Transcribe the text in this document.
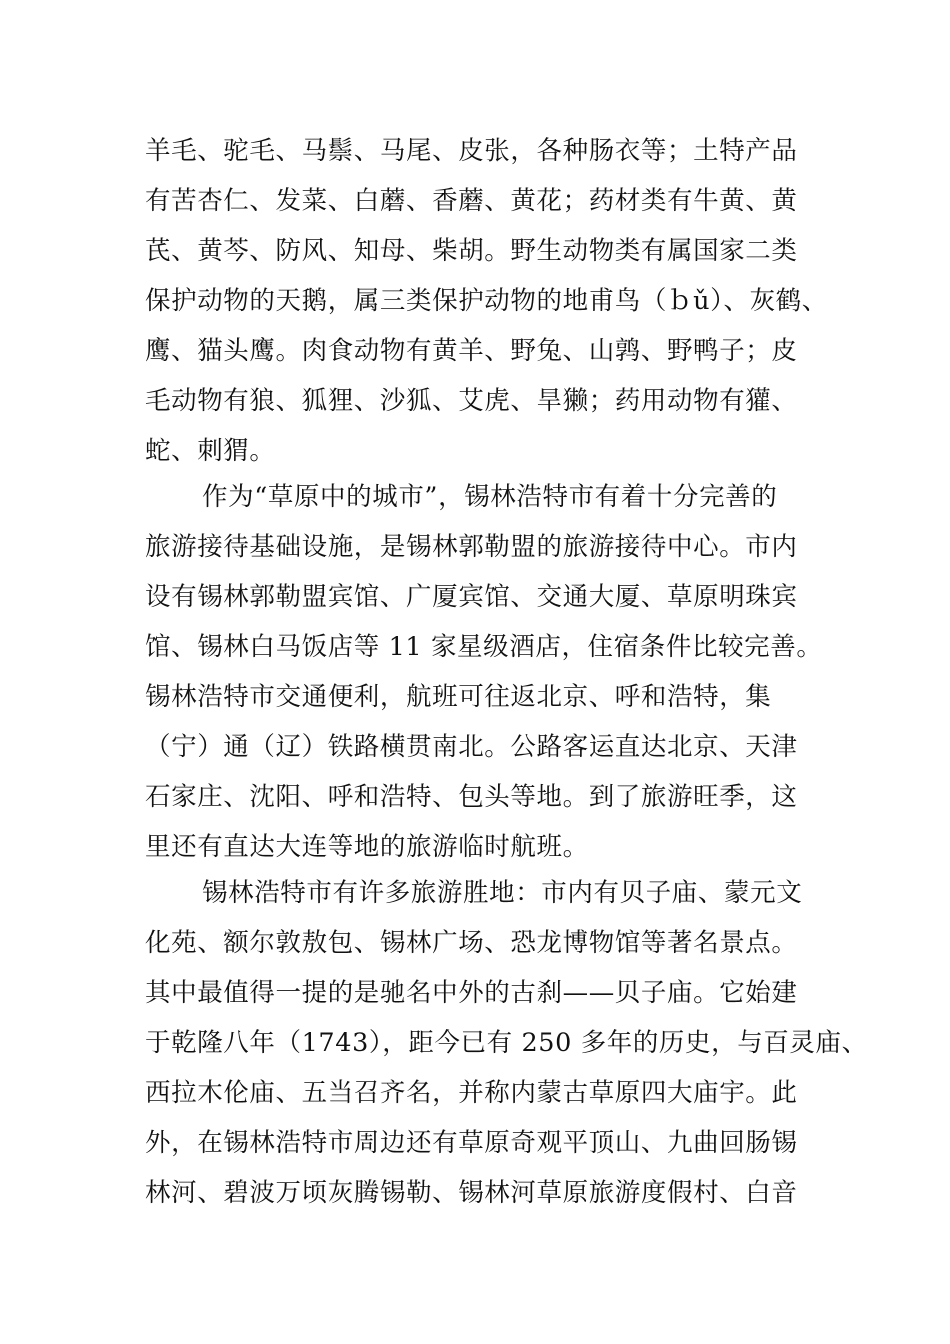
羊毛、驼毛、马鬃、马尾、皮张，各种肠衣等；土特产品
有苦杏仁、发菜、白蘑、香蘑、黄花；药材类有牛黄、黄
芪、黄芩、防风、知母、柴胡。野生动物类有属国家二类
保护动物的天鹅，属三类保护动物的地甫鸟（ｂǔ）、灰鹤、
鹰、猫头鹰。肉食动物有黄羊、野兔、山鹑、野鸭子；皮
毛动物有狼、狐狸、沙狐、艾虎、旱獭；药用动物有獾、
蛇、刺猬。
作为“草原中的城市”，锡林浩特市有着十分完善的
旅游接待基础设施，是锡林郭勒盟的旅游接待中心。市内
设有锡林郭勒盟宾馆、广厦宾馆、交通大厦、草原明珠宾
馆、锡林白马饭店等 11 家星级酒店，住宿条件比较完善。
锡林浩特市交通便利，航班可往返北京、呼和浩特，集
（宁）通（辽）铁路横贯南北。公路客运直达北京、天津
石家庄、沈阳、呼和浩特、包头等地。到了旅游旺季，这
里还有直达大连等地的旅游临时航班。
锡林浩特市有许多旅游胜地：市内有贝子庙、蒙元文
化苑、额尔敦敖包、锡林广场、恐龙博物馆等著名景点。
其中最值得一提的是驰名中外的古刹——贝子庙。它始建
于乾隆八年（1743），距今已有 250 多年的历史，与百灵庙、
西拉木伦庙、五当召齐名，并称内蒙古草原四大庙宇。此
外，在锡林浩特市周边还有草原奇观平顶山、九曲回肠锡
林河、碧波万顷灰腾锡勒、锡林河草原旅游度假村、白音
